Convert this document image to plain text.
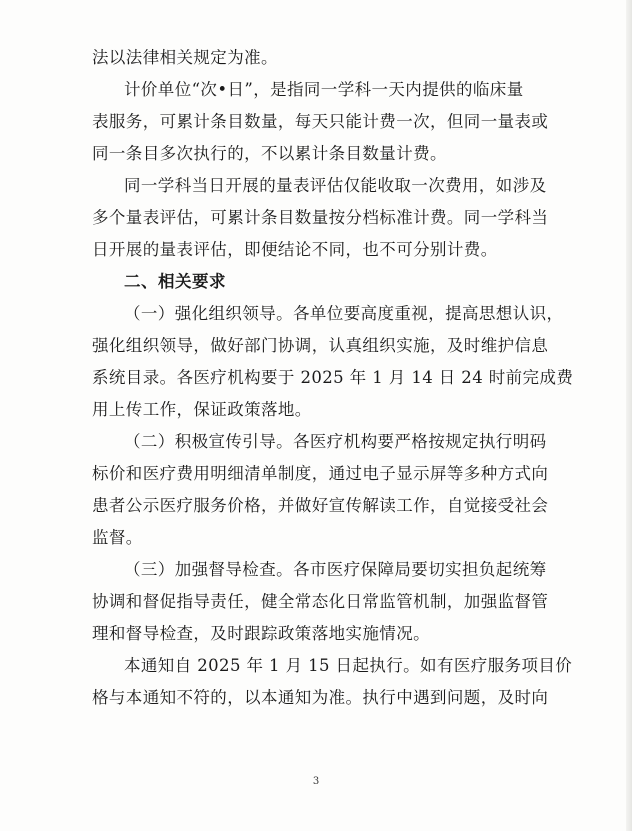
法以法律相关规定为准。
计价单位“次•日”，是指同一学科一天内提供的临床量
表服务，可累计条目数量，每天只能计费一次，但同一量表或
同一条目多次执行的，不以累计条目数量计费。
同一学科当日开展的量表评估仅能收取一次费用，如涉及
多个量表评估，可累计条目数量按分档标准计费。同一学科当
日开展的量表评估，即便结论不同，也不可分别计费。
二、相关要求
（一）强化组织领导。各单位要高度重视，提高思想认识，
强化组织领导，做好部门协调，认真组织实施，及时维护信息
系统目录。各医疗机构要于 2025 年 1 月 14 日 24 时前完成费
用上传工作，保证政策落地。
（二）积极宣传引导。各医疗机构要严格按规定执行明码
标价和医疗费用明细清单制度，通过电子显示屏等多种方式向
患者公示医疗服务价格，并做好宣传解读工作，自觉接受社会
监督。
（三）加强督导检查。各市医疗保障局要切实担负起统筹
协调和督促指导责任，健全常态化日常监管机制，加强监督管
理和督导检查，及时跟踪政策落地实施情况。
本通知自 2025 年 1 月 15 日起执行。如有医疗服务项目价
格与本通知不符的，以本通知为准。执行中遇到问题，及时向
3
